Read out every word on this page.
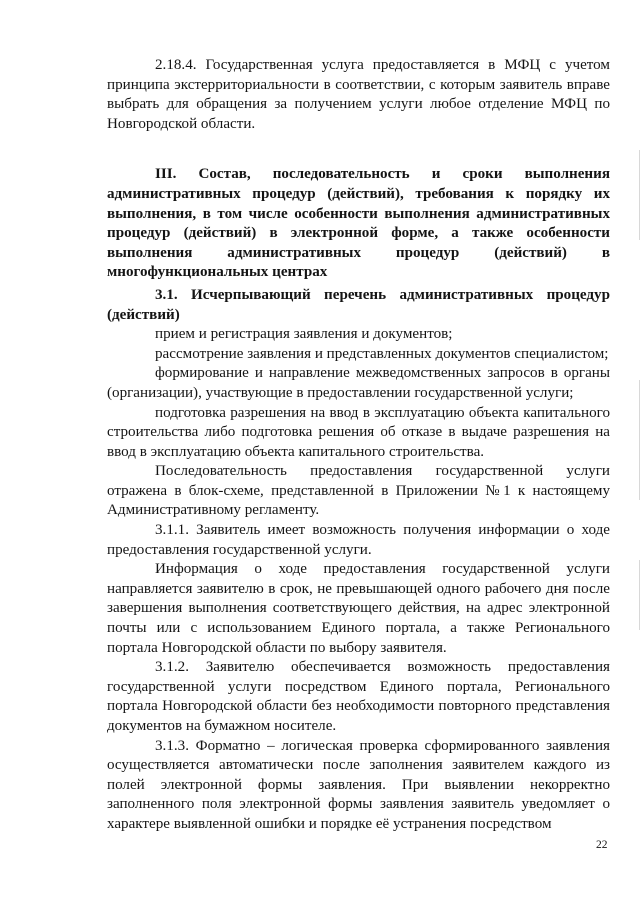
2.18.4. Государственная услуга предоставляется в МФЦ с учетом принципа экстерриториальности в соответствии, с которым заявитель вправе выбрать для обращения за получением услуги любое отделение МФЦ по Новгородской области.

III. Состав, последовательность и сроки выполнения административных процедур (действий), требования к порядку их выполнения, в том числе особенности выполнения административных процедур (действий) в электронной форме, а также особенности выполнения административных процедур (действий) в многофункциональных центрах

3.1. Исчерпывающий перечень административных процедур (действий)

прием и регистрация заявления и документов;

рассмотрение заявления и представленных документов специалистом;

формирование и направление межведомственных запросов в органы (организации), участвующие в предоставлении государственной услуги;

подготовка разрешения на ввод в эксплуатацию объекта капитального строительства либо подготовка решения об отказе в выдаче разрешения на ввод в эксплуатацию объекта капитального строительства.

Последовательность предоставления государственной услуги отражена в блок-схеме, представленной в Приложении №1 к настоящему Административному регламенту.

3.1.1. Заявитель имеет возможность получения информации о ходе предоставления государственной услуги.

Информация о ходе предоставления государственной услуги направляется заявителю в срок, не превышающей одного рабочего дня после завершения выполнения соответствующего действия, на адрес электронной почты или с использованием Единого портала, а также Регионального портала Новгородской области по выбору заявителя.

3.1.2. Заявителю обеспечивается возможность предоставления государственной услуги посредством Единого портала, Регионального портала Новгородской области без необходимости повторного представления документов на бумажном носителе.

3.1.3. Форматно – логическая проверка сформированного заявления осуществляется автоматически после заполнения заявителем каждого из полей электронной формы заявления. При выявлении некорректно заполненного поля электронной формы заявления заявитель уведомляет о характере выявленной ошибки и порядке её устранения посредством

22
